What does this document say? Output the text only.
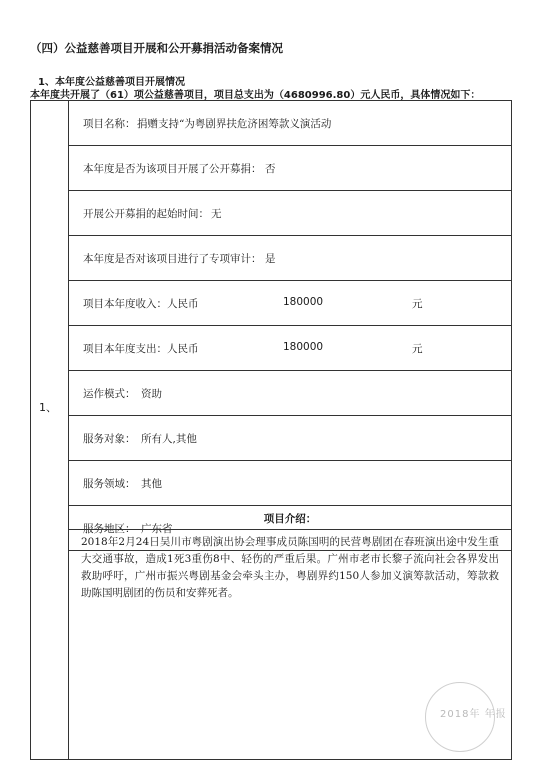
（四）公益慈善项目开展和公开募捐活动备案情况
1、本年度公益慈善项目开展情况
本年度共开展了（61）项公益慈善项目，项目总支出为（4680996.80）元人民币，具体情况如下：
1、
项目名称： 捐赠支持“为粤剧界扶危济困筹款义演活动
本年度是否为该项目开展了公开募捐： 否
开展公开募捐的起始时间： 无
本年度是否对该项目进行了专项审计： 是
项目本年度收入：人民币	180000	元
项目本年度支出：人民币	180000	元
运作模式： 资助
服务对象： 所有人,其他
服务领域： 其他
服务地区： 广东省
项目介绍：
2018年2月24日吴川市粤剧演出协会理事成员陈国明的民营粤剧团在春班演出途中发生重大交通事故，造成1死3重伤8中、轻伤的严重后果。广州市老市长黎子流向社会各界发出救助呼吁，广州市振兴粤剧基金会牵头主办，粤剧界约150人参加义演筹款活动，筹款救助陈国明剧团的伤员和安葬死者。
2018年 年报
